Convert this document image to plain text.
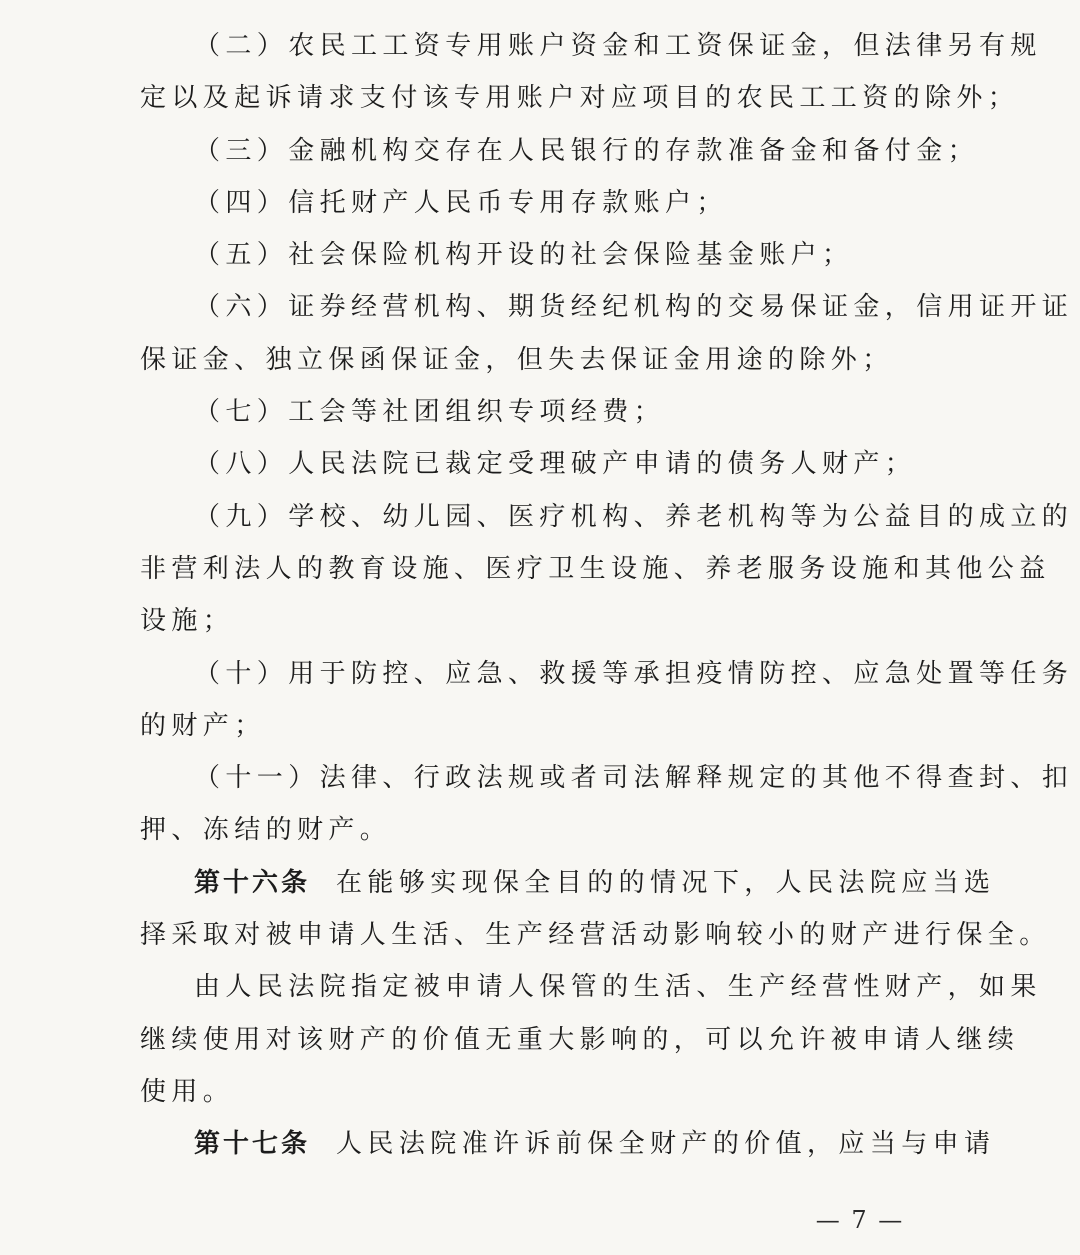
（二）农民工工资专用账户资金和工资保证金，但法律另有规
定以及起诉请求支付该专用账户对应项目的农民工工资的除外；
（三）金融机构交存在人民银行的存款准备金和备付金；
（四）信托财产人民币专用存款账户；
（五）社会保险机构开设的社会保险基金账户；
（六）证券经营机构、期货经纪机构的交易保证金，信用证开证
保证金、独立保函保证金，但失去保证金用途的除外；
（七）工会等社团组织专项经费；
（八）人民法院已裁定受理破产申请的债务人财产；
（九）学校、幼儿园、医疗机构、养老机构等为公益目的成立的
非营利法人的教育设施、医疗卫生设施、养老服务设施和其他公益
设施；
（十）用于防控、应急、救援等承担疫情防控、应急处置等任务
的财产；
（十一）法律、行政法规或者司法解释规定的其他不得查封、扣
押、冻结的财产。
第十六条 在能够实现保全目的的情况下，人民法院应当选
择采取对被申请人生活、生产经营活动影响较小的财产进行保全。
由人民法院指定被申请人保管的生活、生产经营性财产，如果
继续使用对该财产的价值无重大影响的，可以允许被申请人继续
使用。
第十七条 人民法院准许诉前保全财产的价值，应当与申请
— 7 —
